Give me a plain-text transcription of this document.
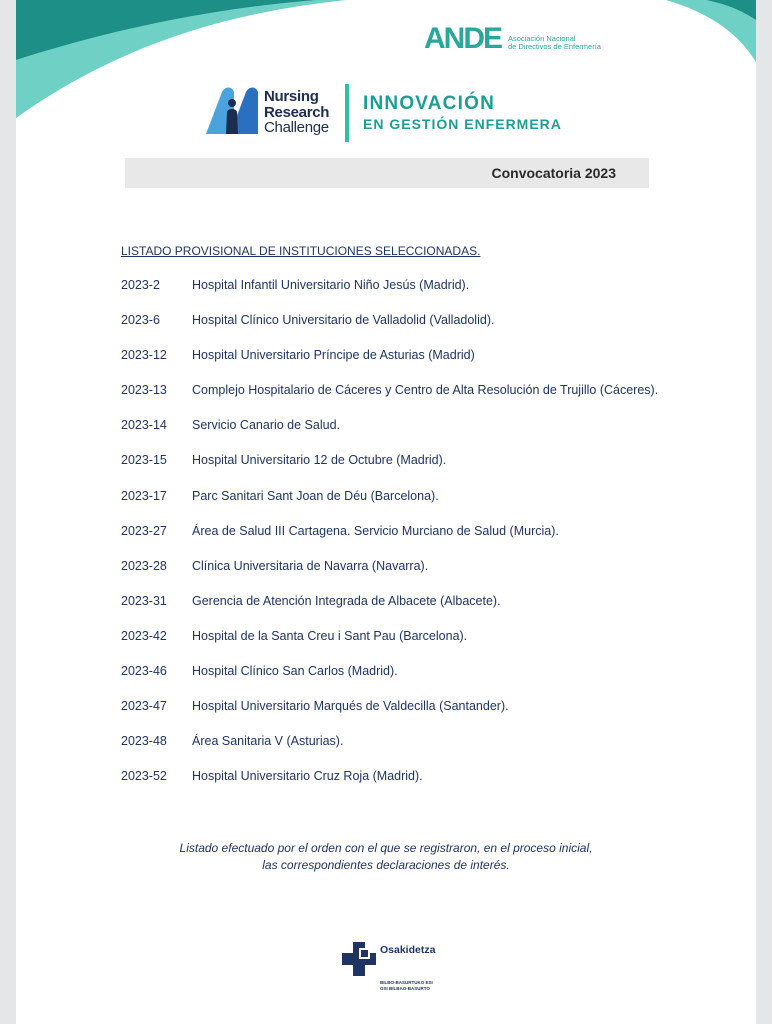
ANDE Asociación Nacional
de Directivos de Enfermería
Nursing
Research
Challenge
INNOVACIÓN
EN GESTIÓN ENFERMERA
Convocatoria 2023
LISTADO PROVISIONAL DE INSTITUCIONES SELECCIONADAS.
2023-2	Hospital Infantil Universitario Niño Jesús (Madrid).
2023-6	Hospital Clínico Universitario de Valladolid (Valladolid).
2023-12 Hospital Universitario Príncipe de Asturias (Madrid)
2023-13 Complejo Hospitalario de Cáceres y Centro de Alta Resolución de Trujillo (Cáceres).
2023-14 Servicio Canario de Salud.
2023-15 Hospital Universitario 12 de Octubre (Madrid).
2023-17 Parc Sanitari Sant Joan de Déu (Barcelona).
2023-27 Área de Salud III Cartagena. Servicio Murciano de Salud (Murcia).
2023-28 Clínica Universitaria de Navarra (Navarra).
2023-31 Gerencia de Atención Integrada de Albacete (Albacete).
2023-42 Hospital de la Santa Creu i Sant Pau (Barcelona).
2023-46 Hospital Clínico San Carlos (Madrid).
2023-47 Hospital Universitario Marqués de Valdecilla (Santander).
2023-48 Área Sanitaria V (Asturias).
2023-52 Hospital Universitario Cruz Roja (Madrid).
Listado efectuado por el orden con el que se registraron, en el proceso inicial,
las correspondientes declaraciones de interés.
Osakidetza
BILBO-BASURTUKO ESI
OSI BILBAO-BASURTO
